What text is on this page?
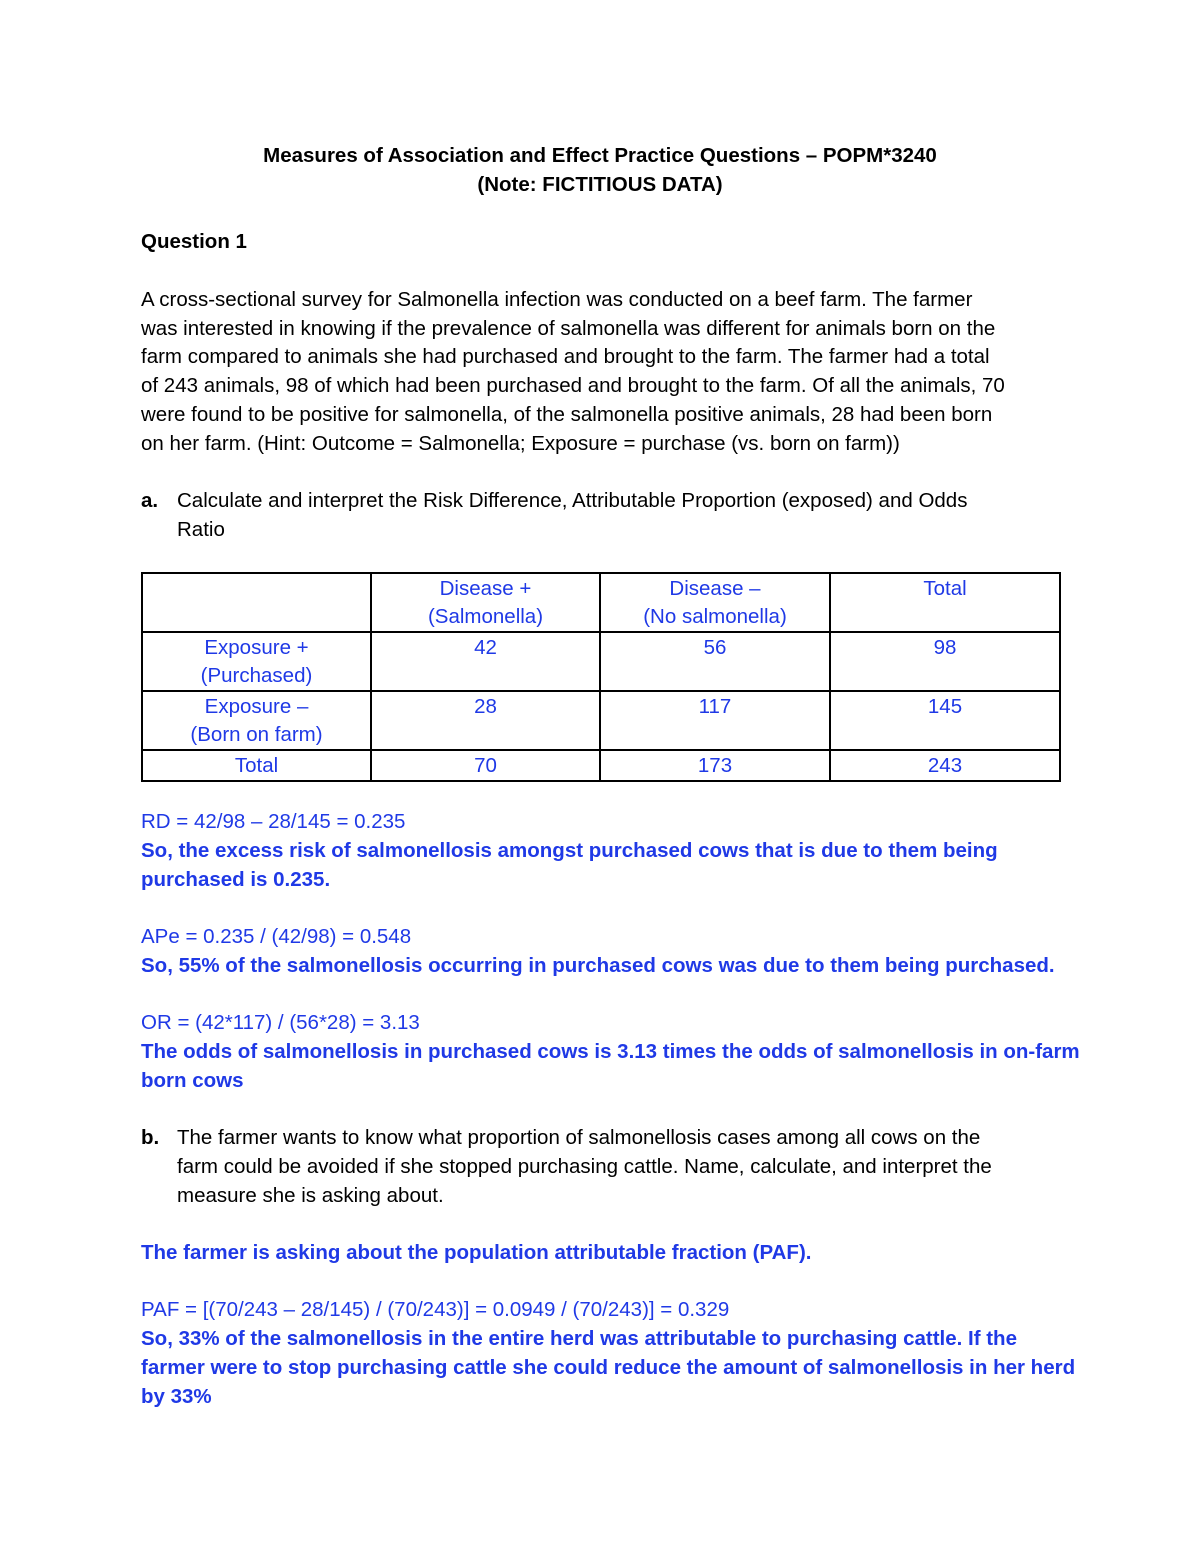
Measures of Association and Effect Practice Questions – POPM*3240

(Note: FICTITIOUS DATA)

Question 1

A cross-sectional survey for Salmonella infection was conducted on a beef farm. The farmer

was interested in knowing if the prevalence of salmonella was different for animals born on the

farm compared to animals she had purchased and brought to the farm. The farmer had a total

of 243 animals, 98 of which had been purchased and brought to the farm. Of all the animals, 70

were found to be positive for salmonella, of the salmonella positive animals, 28 had been born

on her farm. (Hint: Outcome = Salmonella; Exposure = purchase (vs. born on farm))

a. Calculate and interpret the Risk Difference, Attributable Proportion (exposed) and Odds
Ratio

	Disease +
(Salmonella)	Disease –
(No salmonella)	Total
Exposure +
(Purchased)	42	56	98
Exposure –
(Born on farm)	28	117	145
Total	70	173	243

RD = 42/98 – 28/145 = 0.235

So, the excess risk of salmonellosis amongst purchased cows that is due to them being

purchased is 0.235.

APe = 0.235 / (42/98) = 0.548

So, 55% of the salmonellosis occurring in purchased cows was due to them being purchased.

OR = (42*117) / (56*28) = 3.13

The odds of salmonellosis in purchased cows is 3.13 times the odds of salmonellosis in on-farm

born cows

b. The farmer wants to know what proportion of salmonellosis cases among all cows on the
farm could be avoided if she stopped purchasing cattle. Name, calculate, and interpret the
measure she is asking about.

The farmer is asking about the population attributable fraction (PAF).

PAF = [(70/243 – 28/145) / (70/243)] = 0.0949 / (70/243)] = 0.329

So, 33% of the salmonellosis in the entire herd was attributable to purchasing cattle. If the

farmer were to stop purchasing cattle she could reduce the amount of salmonellosis in her herd

by 33%
